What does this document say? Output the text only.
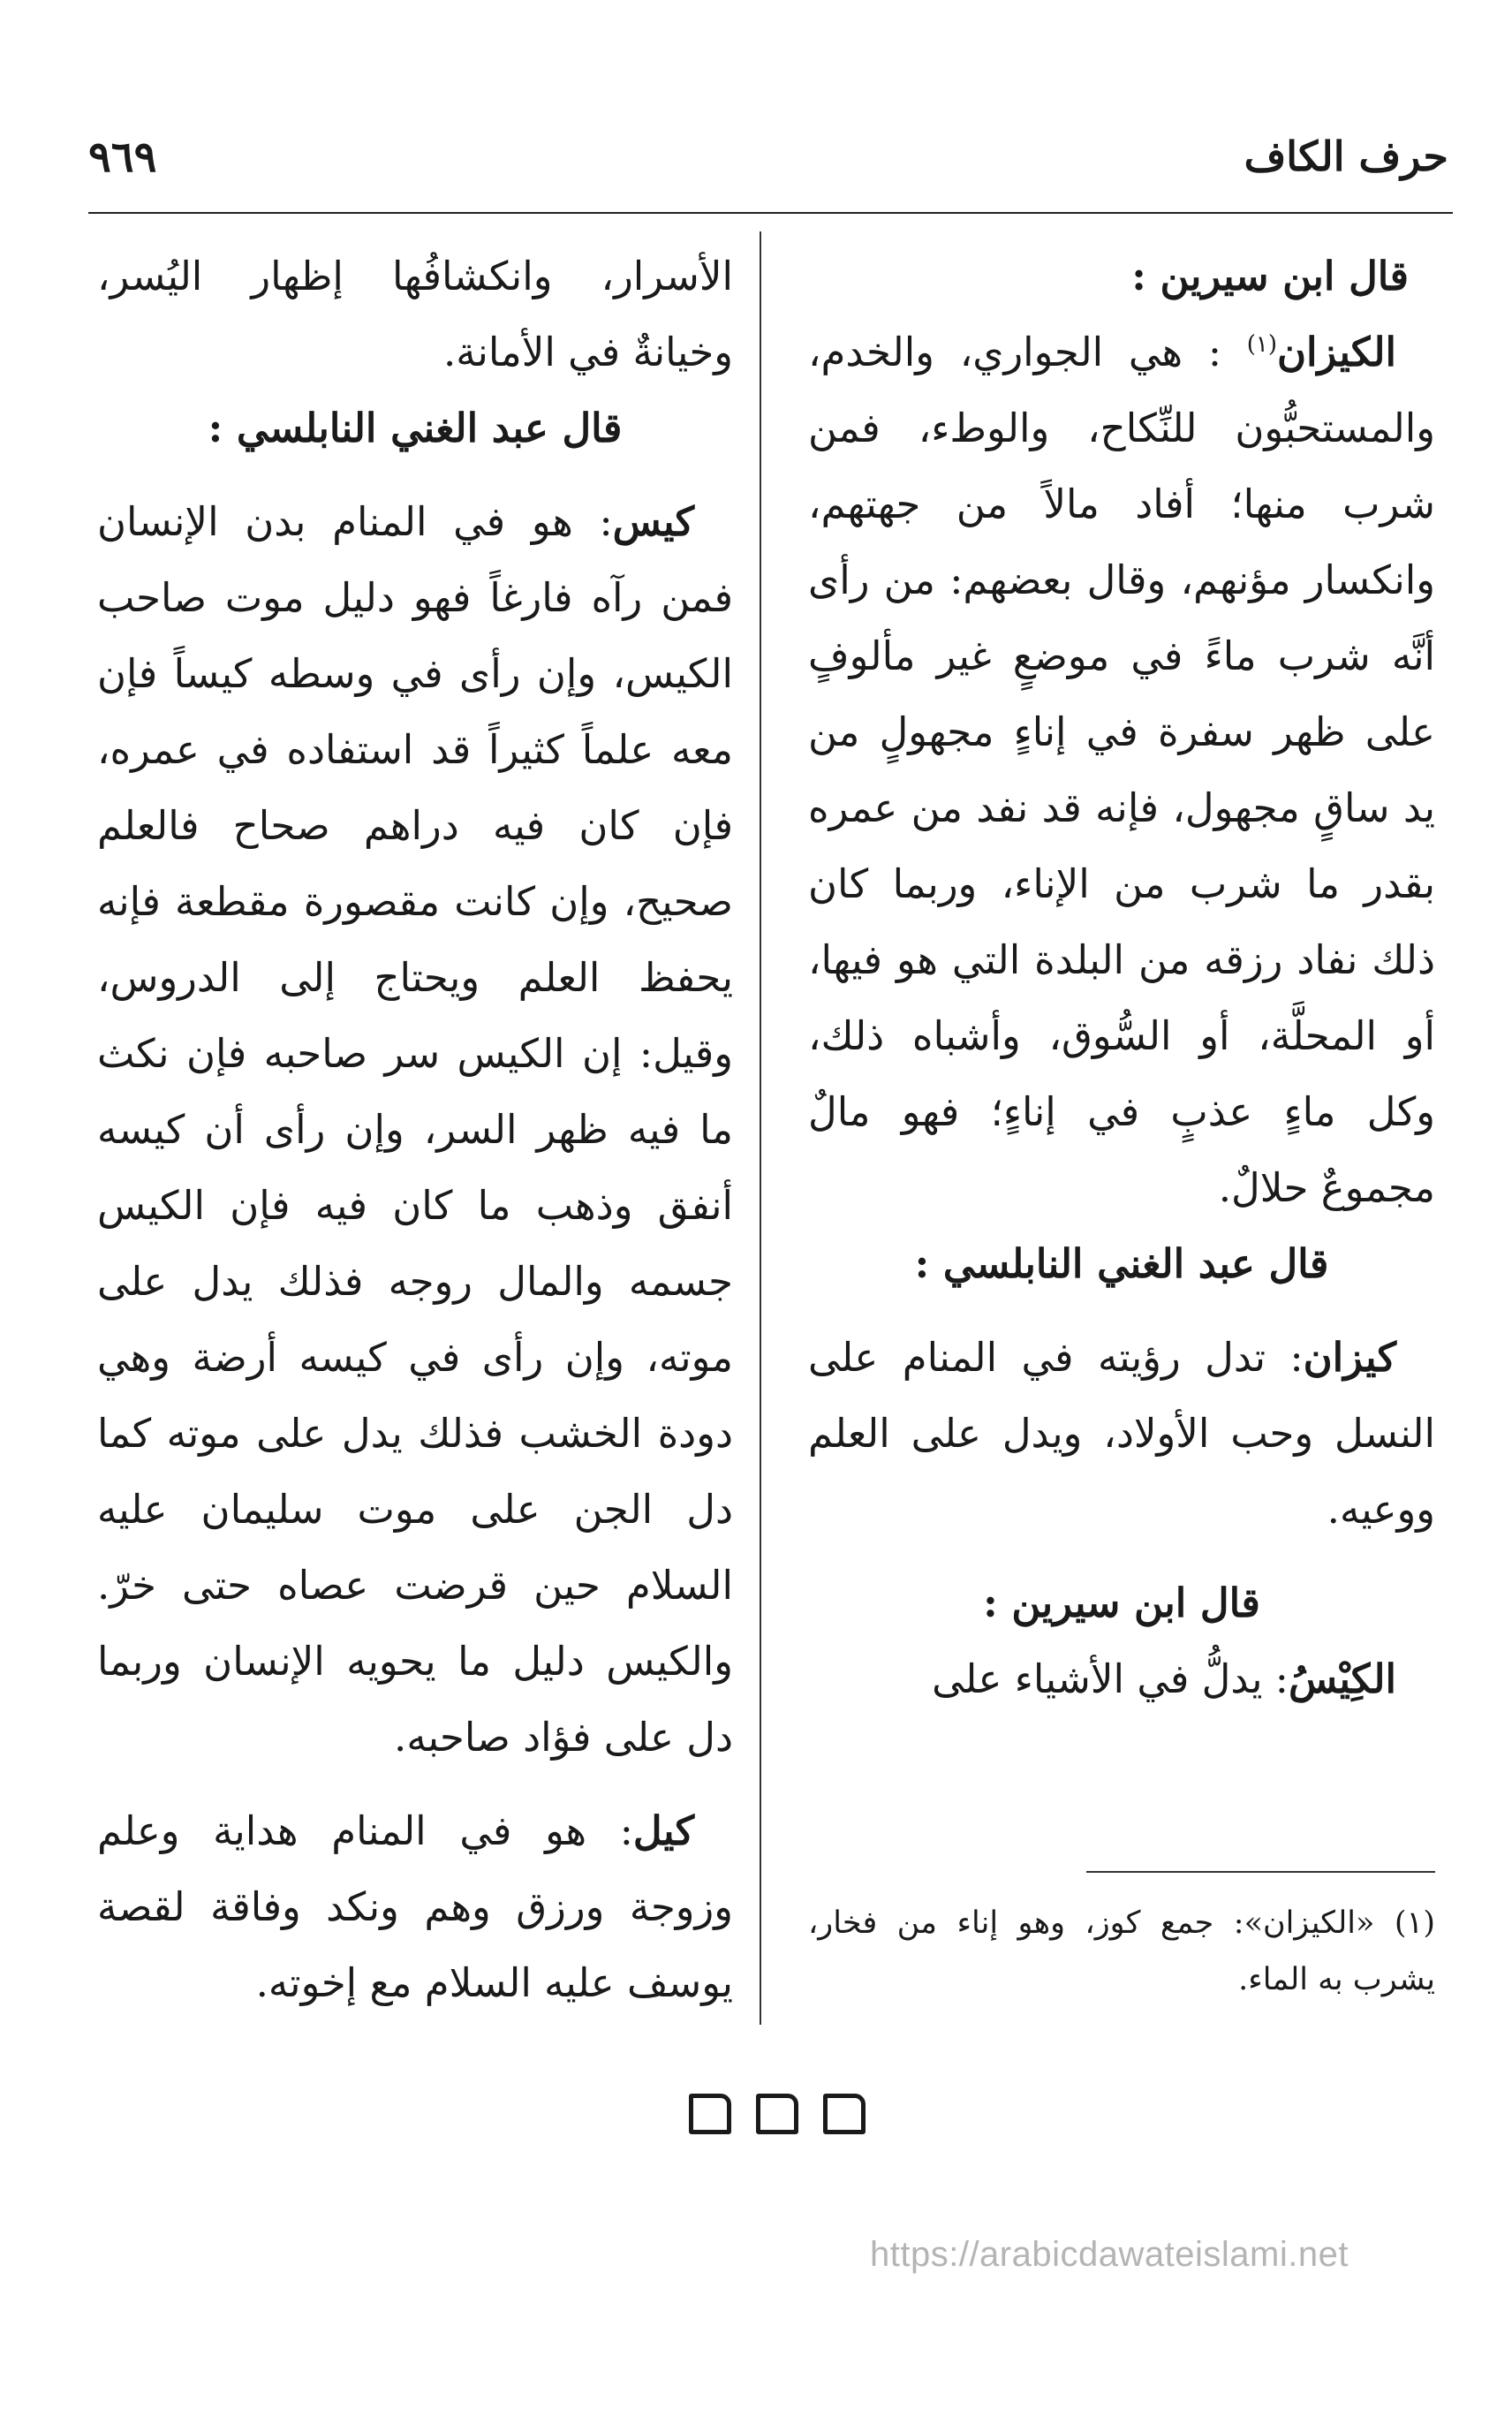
حرف الكاف
٩٦٩

قال ابن سيرين :

الكيزان$^{(١)}$ : هي الجواري، والخدم، والمستحبُّون للنِّكاح، والوطء، فمن شرب منها؛ أفاد مالاً من جهتهم، وانكسار مؤنهم، وقال بعضهم: من رأى أنَّه شرب ماءً في موضعٍ غير مألوفٍ على ظهر سفرة في إناءٍ مجهولٍ من يد ساقٍ مجهول، فإنه قد نفد من عمره بقدر ما شرب من الإناء، وربما كان ذلك نفاد رزقه من البلدة التي هو فيها، أو المحلَّة، أو السُّوق، وأشباه ذلك، وكل ماءٍ عذبٍ في إناءٍ؛ فهو مالٌ مجموعٌ حلالٌ.

قال عبد الغني النابلسي :

كيزان: تدل رؤيته في المنام على النسل وحب الأولاد، ويدل على العلم ووعيه.

قال ابن سيرين :

الكِيْسُ: يدلُّ في الأشياء على

الأسرار، وانكشافُها إظهار اليُسر، وخيانةٌ في الأمانة.

قال عبد الغني النابلسي :

كيس: هو في المنام بدن الإنسان فمن رآه فارغاً فهو دليل موت صاحب الكيس، وإن رأى في وسطه كيساً فإن معه علماً كثيراً قد استفاده في عمره، فإن كان فيه دراهم صحاح فالعلم صحيح، وإن كانت مقصورة مقطعة فإنه يحفظ العلم ويحتاج إلى الدروس، وقيل: إن الكيس سر صاحبه فإن نكث ما فيه ظهر السر، وإن رأى أن كيسه أنفق وذهب ما كان فيه فإن الكيس جسمه والمال روجه فذلك يدل على موته، وإن رأى في كيسه أرضة وهي دودة الخشب فذلك يدل على موته كما دل الجن على موت سليمان عليه السلام حين قرضت عصاه حتى خرّ. والكيس دليل ما يحويه الإنسان وربما دل على فؤاد صاحبه.

كيل: هو في المنام هداية وعلم وزوجة ورزق وهم ونكد وفاقة لقصة يوسف عليه السلام مع إخوته.

(١) «الكيزان»: جمع كوز، وهو إناء من فخار، يشرب به الماء.
https://arabicdawateislami.net
